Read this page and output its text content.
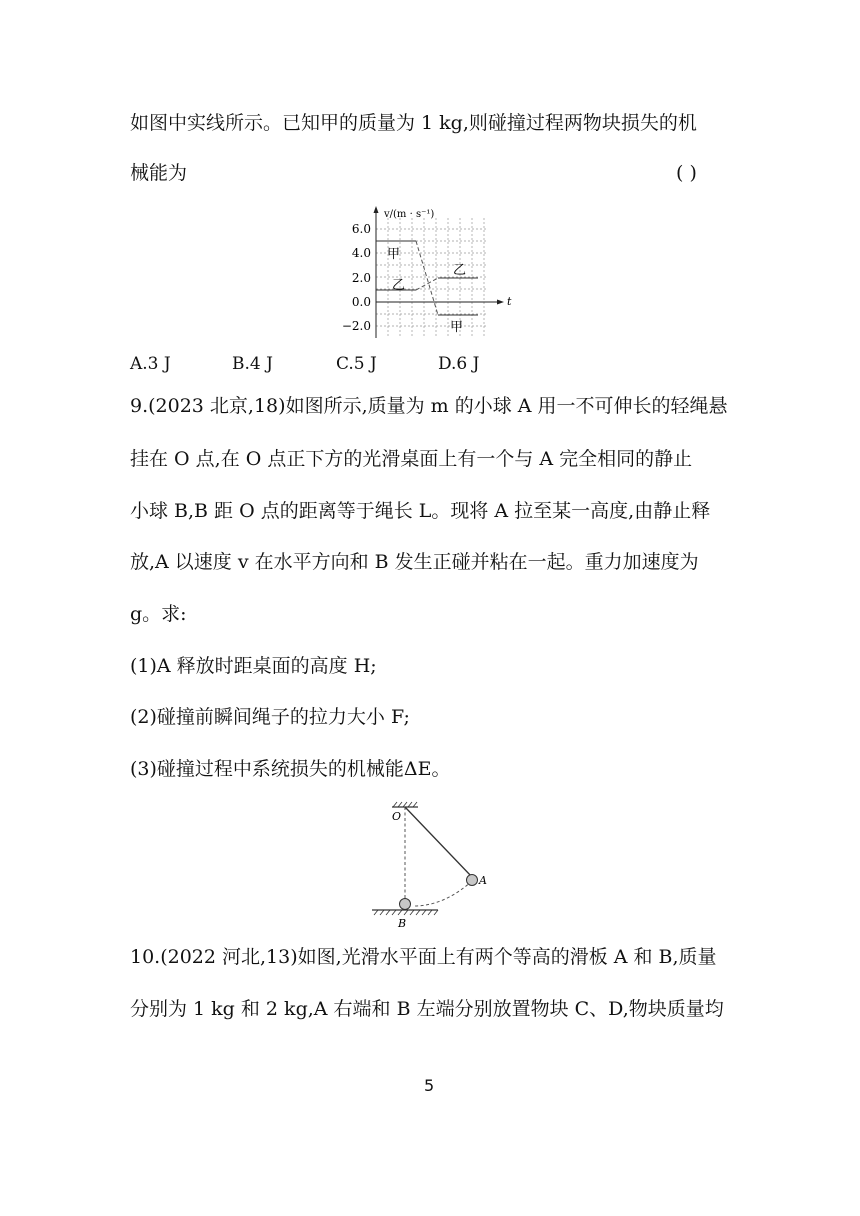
如图中实线所示。已知甲的质量为 1 kg,则碰撞过程两物块损失的机
械能为	( )
v/(m · s⁻¹)
t
6.0
4.0
2.0
0.0
−2.0
甲
乙
乙
甲
A.3 J	B.4 J	C.5 J	D.6 J
9.(2023 北京,18)如图所示,质量为 m 的小球 A 用一不可伸长的轻绳悬
挂在 O 点,在 O 点正下方的光滑桌面上有一个与 A 完全相同的静止
小球 B,B 距 O 点的距离等于绳长 L。现将 A 拉至某一高度,由静止释
放,A 以速度 v 在水平方向和 B 发生正碰并粘在一起。重力加速度为
g。求:
(1)A 释放时距桌面的高度 H;
(2)碰撞前瞬间绳子的拉力大小 F;
(3)碰撞过程中系统损失的机械能ΔE。
O
A
B
10.(2022 河北,13)如图,光滑水平面上有两个等高的滑板 A 和 B,质量
分别为 1 kg 和 2 kg,A 右端和 B 左端分别放置物块 C、D,物块质量均
5
